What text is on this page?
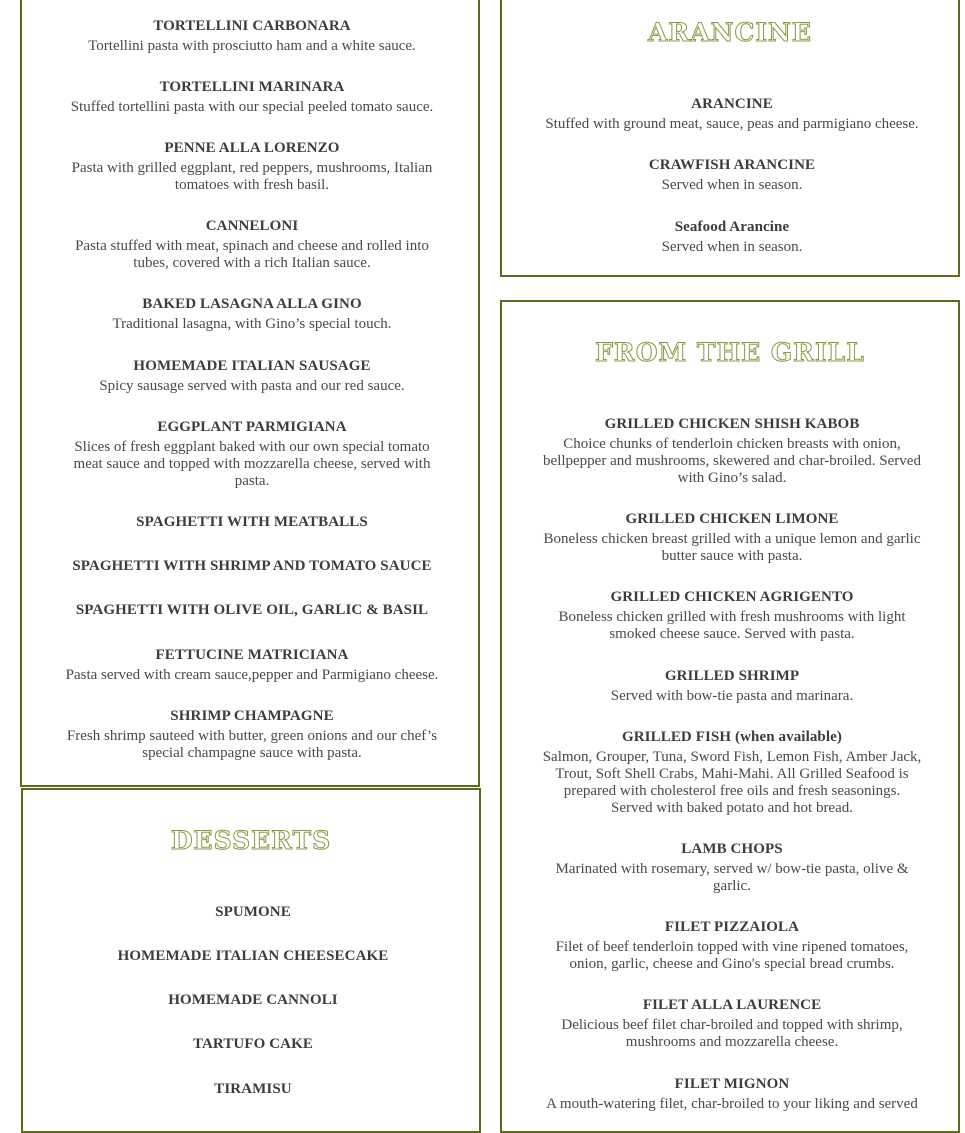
TORTELLINI CARBONARA
Tortellini pasta with prosciutto ham and a white sauce.
TORTELLINI MARINARA
Stuffed tortellini pasta with our special peeled tomato sauce.
PENNE ALLA LORENZO
Pasta with grilled eggplant, red peppers, mushrooms, Italian tomatoes with fresh basil.
CANNELONI
Pasta stuffed with meat, spinach and cheese and rolled into tubes, covered with a rich Italian sauce.
BAKED LASAGNA ALLA GINO
Traditional lasagna, with Gino’s special touch.
HOMEMADE ITALIAN SAUSAGE
Spicy sausage served with pasta and our red sauce.
EGGPLANT PARMIGIANA
Slices of fresh eggplant baked with our own special tomato meat sauce and topped with mozzarella cheese, served with pasta.
SPAGHETTI WITH MEATBALLS
SPAGHETTI WITH SHRIMP AND TOMATO SAUCE
SPAGHETTI WITH OLIVE OIL, GARLIC & BASIL
FETTUCINE MATRICIANA
Pasta served with cream sauce,pepper and Parmigiano cheese.
SHRIMP CHAMPAGNE
Fresh shrimp sauteed with butter, green onions and our chef’s special champagne sauce with pasta.
DESSERTS
SPUMONE
HOMEMADE ITALIAN CHEESECAKE
HOMEMADE CANNOLI
TARTUFO CAKE
TIRAMISU
ARANCINE
ARANCINE
Stuffed with ground meat, sauce, peas and parmigiano cheese.
CRAWFISH ARANCINE
Served when in season.
Seafood Arancine
Served when in season.
FROM THE GRILL
GRILLED CHICKEN SHISH KABOB
Choice chunks of tenderloin chicken breasts with onion, bellpepper and mushrooms, skewered and char-broiled. Served with Gino’s salad.
GRILLED CHICKEN LIMONE
Boneless chicken breast grilled with a unique lemon and garlic butter sauce with pasta.
GRILLED CHICKEN AGRIGENTO
Boneless chicken grilled with fresh mushrooms with light smoked cheese sauce. Served with pasta.
GRILLED SHRIMP
Served with bow-tie pasta and marinara.
GRILLED FISH (when available)
Salmon, Grouper, Tuna, Sword Fish, Lemon Fish, Amber Jack, Trout, Soft Shell Crabs, Mahi-Mahi. All Grilled Seafood is prepared with cholesterol free oils and fresh seasonings. Served with baked potato and hot bread.
LAMB CHOPS
Marinated with rosemary, served w/ bow-tie pasta, olive & garlic.
FILET PIZZAIOLA
Filet of beef tenderloin topped with vine ripened tomatoes, onion, garlic, cheese and Gino's special bread crumbs.
FILET ALLA LAURENCE
Delicious beef filet char-broiled and topped with shrimp, mushrooms and mozzarella cheese.
FILET MIGNON
A mouth-watering filet, char-broiled to your liking and served
